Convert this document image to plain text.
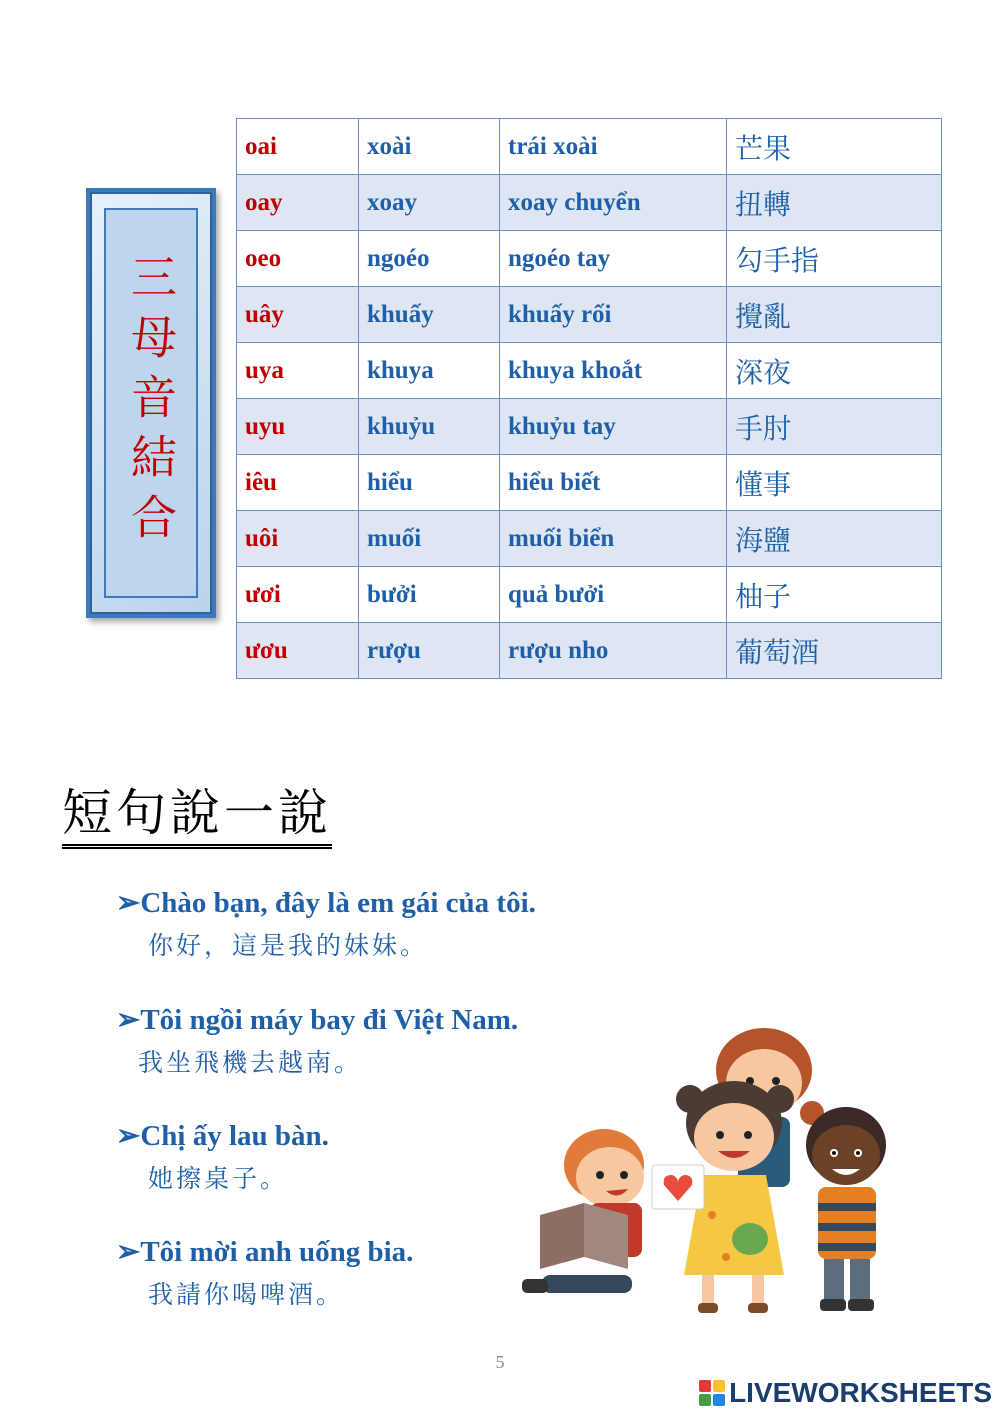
三母音結合
oai	xoài	trái xoài	芒果
oay	xoay	xoay chuyển	扭轉
oeo	ngoéo	ngoéo tay	勾手指
uây	khuấy	khuấy rối	攪亂
uya	khuya	khuya khoắt	深夜
uyu	khuỷu	khuỷu tay	手肘
iêu	hiểu	hiểu biết	懂事
uôi	muối	muối biển	海鹽
ươi	bưởi	quả bưởi	柚子
ươu	rượu	rượu nho	葡萄酒
短句說一說
➢Chào bạn, đây là em gái của tôi.
你好，這是我的妹妹。
➢Tôi ngồi máy bay đi Việt Nam.
我坐飛機去越南。
➢Chị ấy lau bàn.
她擦桌子。
➢Tôi mời anh uống bia.
我請你喝啤酒。
5
LIVEWORKSHEETS
